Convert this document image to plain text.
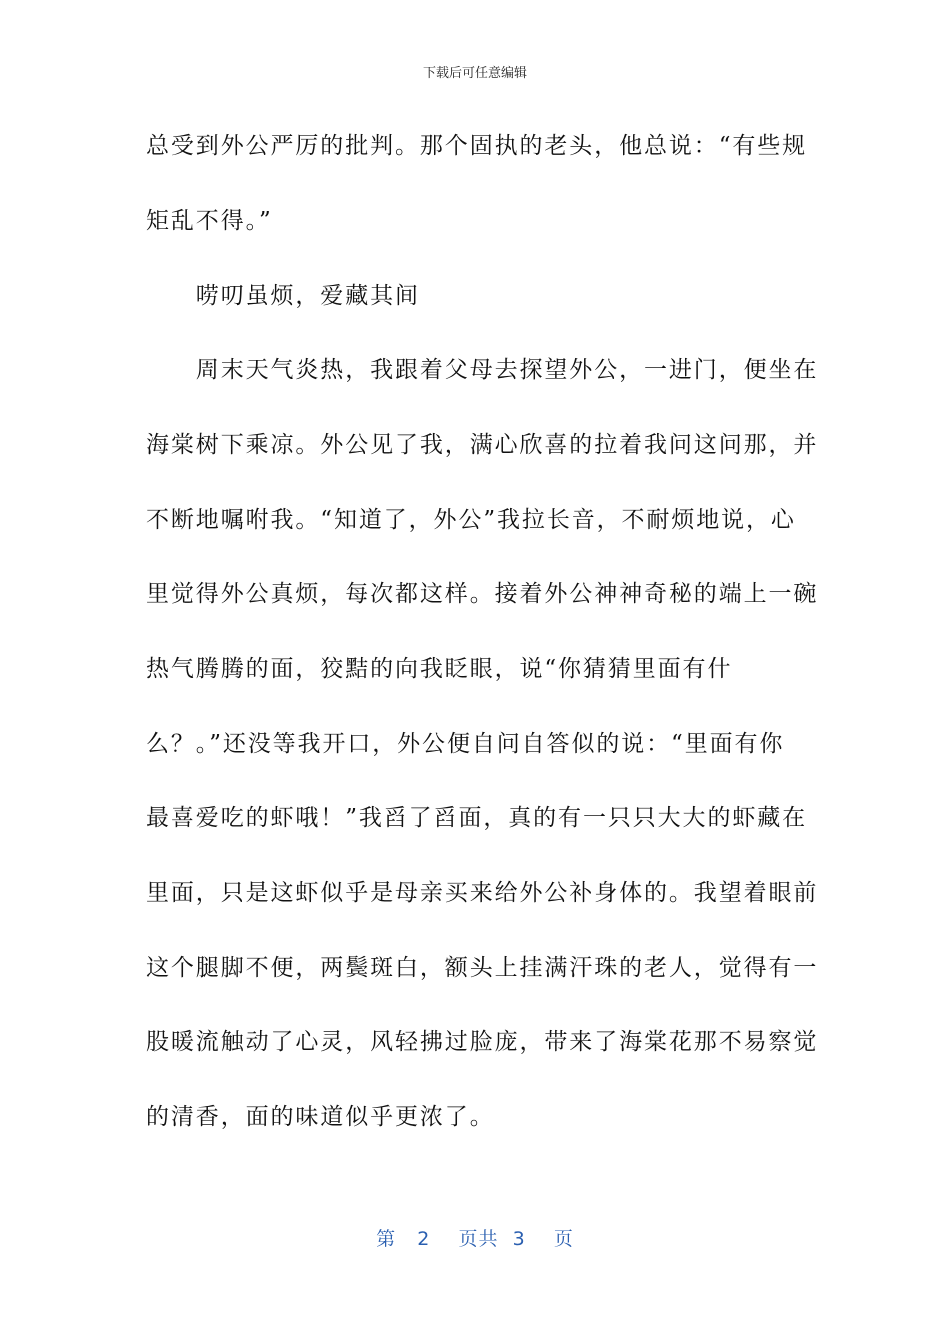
下载后可任意编辑
总受到外公严厉的批判。那个固执的老头，他总说：“有些规
矩乱不得。”
　　唠叨虽烦，爱藏其间
　　周末天气炎热，我跟着父母去探望外公，一进门，便坐在
海棠树下乘凉。外公见了我，满心欣喜的拉着我问这问那，并
不断地嘱咐我。“知道了，外公”我拉长音，不耐烦地说，心
里觉得外公真烦，每次都这样。接着外公神神奇秘的端上一碗
热气腾腾的面，狡黠的向我眨眼，说“你猜猜里面有什
么？。”还没等我开口，外公便自问自答似的说：“里面有你
最喜爱吃的虾哦！”我舀了舀面，真的有一只只大大的虾藏在
里面，只是这虾似乎是母亲买来给外公补身体的。我望着眼前
这个腿脚不便，两鬓斑白，额头上挂满汗珠的老人，觉得有一
股暖流触动了心灵，风轻拂过脸庞，带来了海棠花那不易察觉
的清香，面的味道似乎更浓了。
第 2 页共 3 页
